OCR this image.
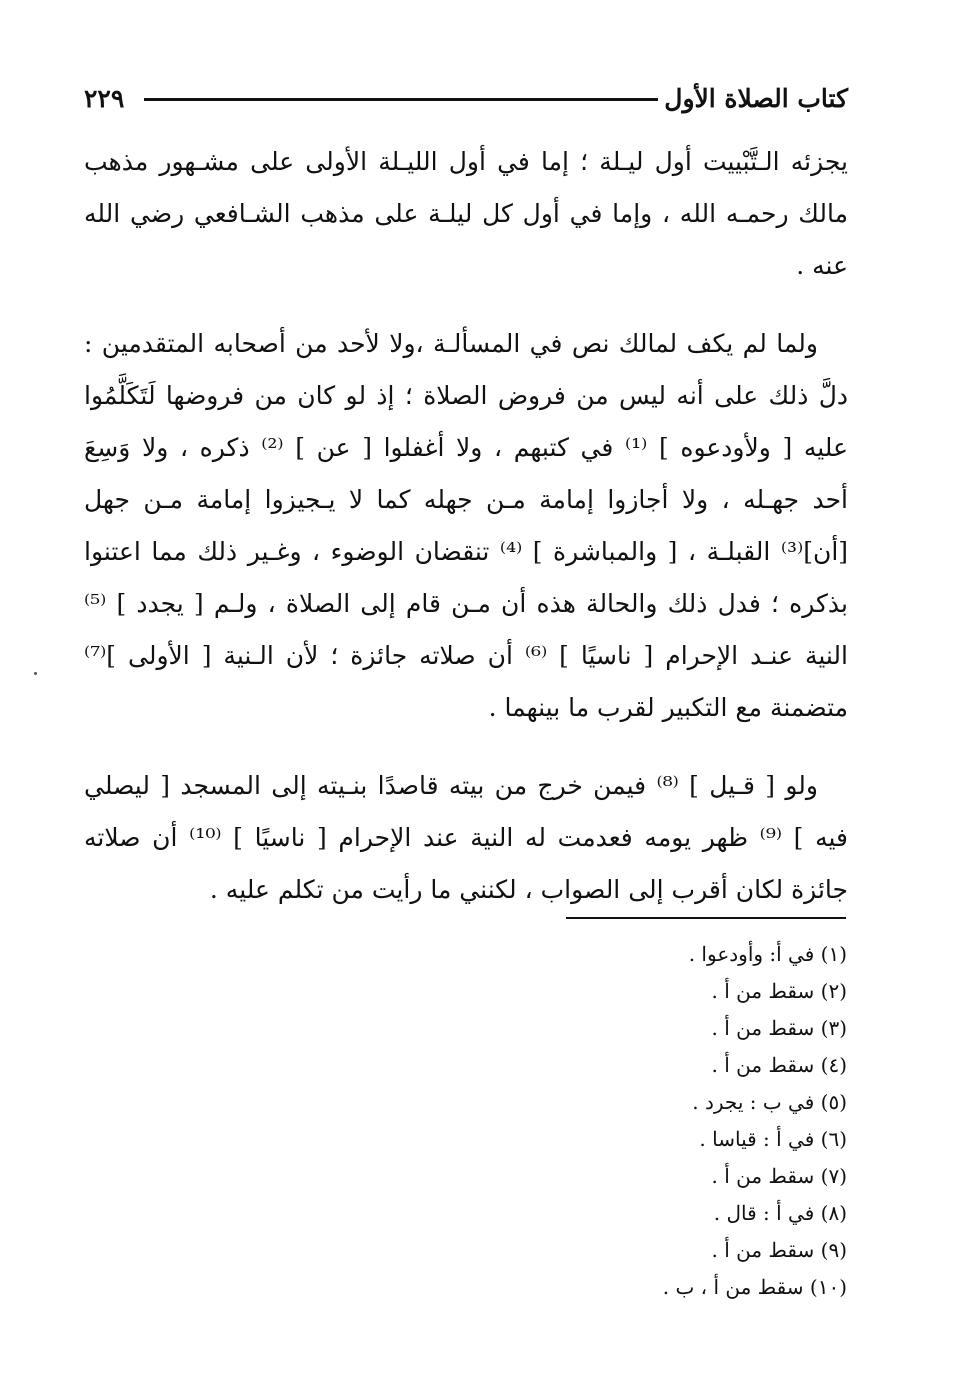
كتاب الصلاة الأول
٢٢٩
يجزئه الـتَّبْييت أول ليـلة ؛ إما في أول الليـلة الأولى على مشـهور مذهب
مالك رحمـه الله ، وإما في أول كل ليلـة على مذهب الشـافعي رضي الله
عنه .
ولما لم يكف لمالك نص في المسألـة ،ولا لأحد من أصحابه المتقدمين :
دلَّ ذلك على أنه ليس من فروض الصلاة ؛ إذ لو كان من فروضها لَتَكَلَّمُوا
عليه [ ولأودعوه ] ⁽¹⁾ في كتبهم ، ولا أغفلوا [ عن ] ⁽²⁾ ذكره ، ولا وَسِعَ
أحد جهـله ، ولا أجازوا إمامة مـن جهله كما لا يـجيزوا إمامة مـن جهل
[أن]⁽³⁾ القبلـة ، [ والمباشرة ] ⁽⁴⁾ تنقضان الوضوء ، وغـير ذلك مما اعتنوا
بذكره ؛ فدل ذلك والحالة هذه أن مـن قام إلى الصلاة ، ولـم [ يجدد ] ⁽⁵⁾
النية عنـد الإحرام [ ناسيًا ] ⁽⁶⁾ أن صلاته جائزة ؛ لأن الـنية [ الأولى ]⁽⁷⁾
متضمنة مع التكبير لقرب ما بينهما .
ولو [ قـيل ] ⁽⁸⁾ فيمن خرج من بيته قاصدًا بنـيته إلى المسجد [ ليصلي
فيه ] ⁽⁹⁾ ظهر يومه فعدمت له النية عند الإحرام [ ناسيًا ] ⁽¹⁰⁾ أن صلاته
جائزة لكان أقرب إلى الصواب ، لكنني ما رأيت من تكلم عليه .
(١) في أ: وأودعوا .
(٢) سقط من أ .
(٣) سقط من أ .
(٤) سقط من أ .
(٥) في ب : يجرد .
(٦) في أ : قياسا .
(٧) سقط من أ .
(٨) في أ : قال .
(٩) سقط من أ .
(١٠) سقط من أ ، ب .
